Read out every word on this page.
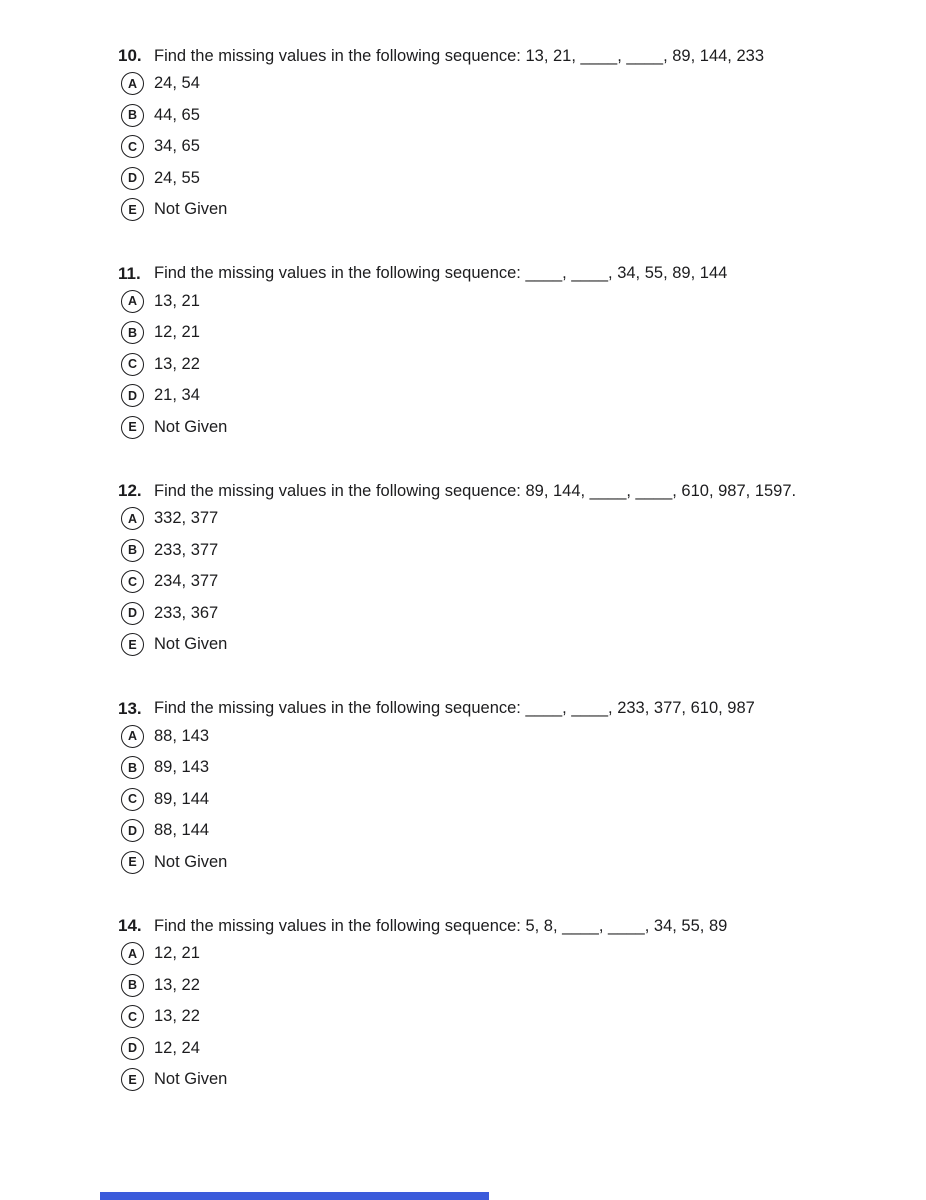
10. Find the missing values in the following sequence: 13, 21, ____, ____, 89, 144, 233
A	24, 54
B	44, 65
C	34, 65
D	24, 55
E	Not Given
11. Find the missing values in the following sequence: ____, ____, 34, 55, 89, 144
A	13, 21
B	12, 21
C	13, 22
D	21, 34
E	Not Given
12. Find the missing values in the following sequence: 89, 144, ____, ____, 610, 987, 1597.
A	332, 377
B	233, 377
C	234, 377
D	233, 367
E	Not Given
13. Find the missing values in the following sequence: ____, ____, 233, 377, 610, 987
A	88, 143
B	89, 143
C	89, 144
D	88, 144
E	Not Given
14. Find the missing values in the following sequence: 5, 8, ____, ____, 34, 55, 89
A	12, 21
B	13, 22
C	13, 22
D	12, 24
E	Not Given
